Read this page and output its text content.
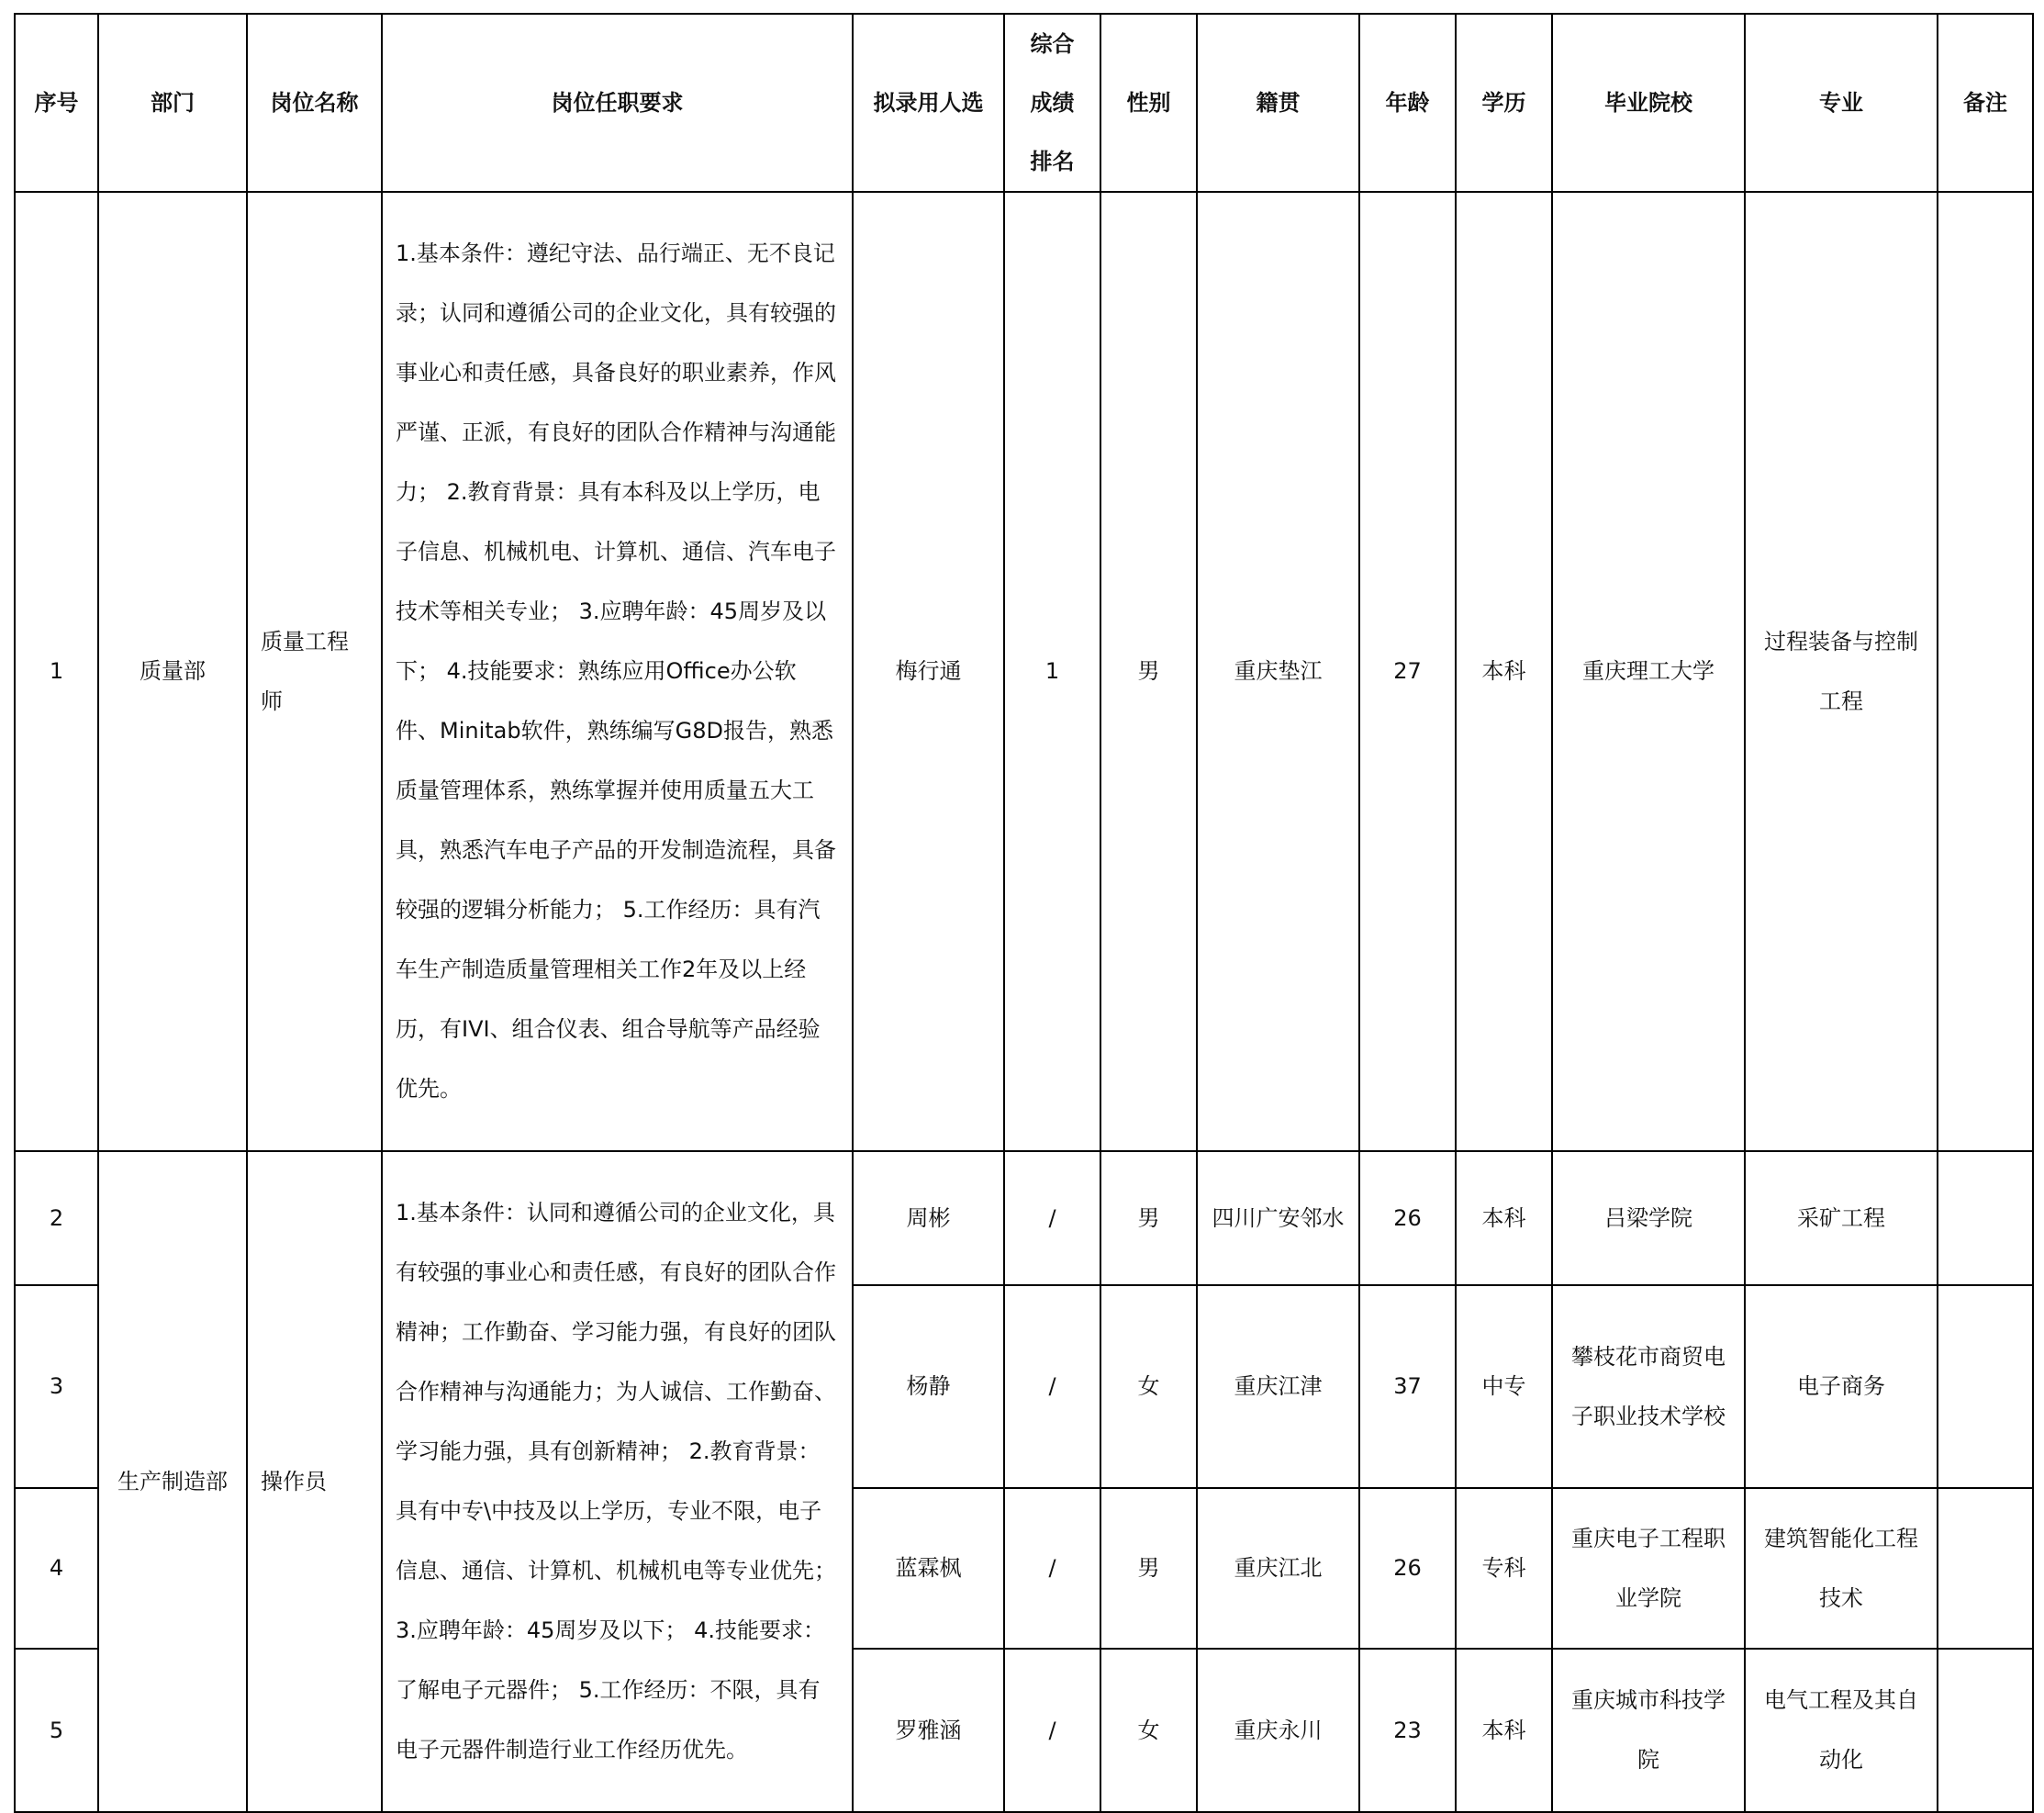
序号	部门	岗位名称	岗位任职要求	拟录用人选	综合
成绩
排名	性别	籍贯	年龄	学历	毕业院校	专业	备注
1	质量部	质量工程师	1.基本条件：遵纪守法、品行端正、无不良记录；认同和遵循公司的企业文化，具有较强的事业心和责任感，具备良好的职业素养，作风严谨、正派，有良好的团队合作精神与沟通能力； 2.教育背景：具有本科及以上学历，电子信息、机械机电、计算机、通信、汽车电子技术等相关专业； 3.应聘年龄：45周岁及以下； 4.技能要求：熟练应用Office办公软件、Minitab软件，熟练编写G8D报告，熟悉质量管理体系，熟练掌握并使用质量五大工具，熟悉汽车电子产品的开发制造流程，具备较强的逻辑分析能力； 5.工作经历：具有汽车生产制造质量管理相关工作2年及以上经历，有IVI、组合仪表、组合导航等产品经验优先。	梅行通	1	男	重庆垫江	27	本科	重庆理工大学	过程装备与控制工程	
2	生产制造部	操作员	1.基本条件：认同和遵循公司的企业文化，具有较强的事业心和责任感，有良好的团队合作精神；工作勤奋、学习能力强，有良好的团队合作精神与沟通能力；为人诚信、工作勤奋、学习能力强，具有创新精神； 2.教育背景：具有中专\中技及以上学历，专业不限，电子信息、通信、计算机、机械机电等专业优先； 3.应聘年龄：45周岁及以下； 4.技能要求：了解电子元器件； 5.工作经历：不限，具有电子元器件制造行业工作经历优先。	周彬	/	男	四川广安邻水	26	本科	吕梁学院	采矿工程	
3				杨静	/	女	重庆江津	37	中专	攀枝花市商贸电子职业技术学校	电子商务	
4				蓝霖枫	/	男	重庆江北	26	专科	重庆电子工程职业学院	建筑智能化工程技术	
5				罗雅涵	/	女	重庆永川	23	本科	重庆城市科技学院	电气工程及其自动化	
